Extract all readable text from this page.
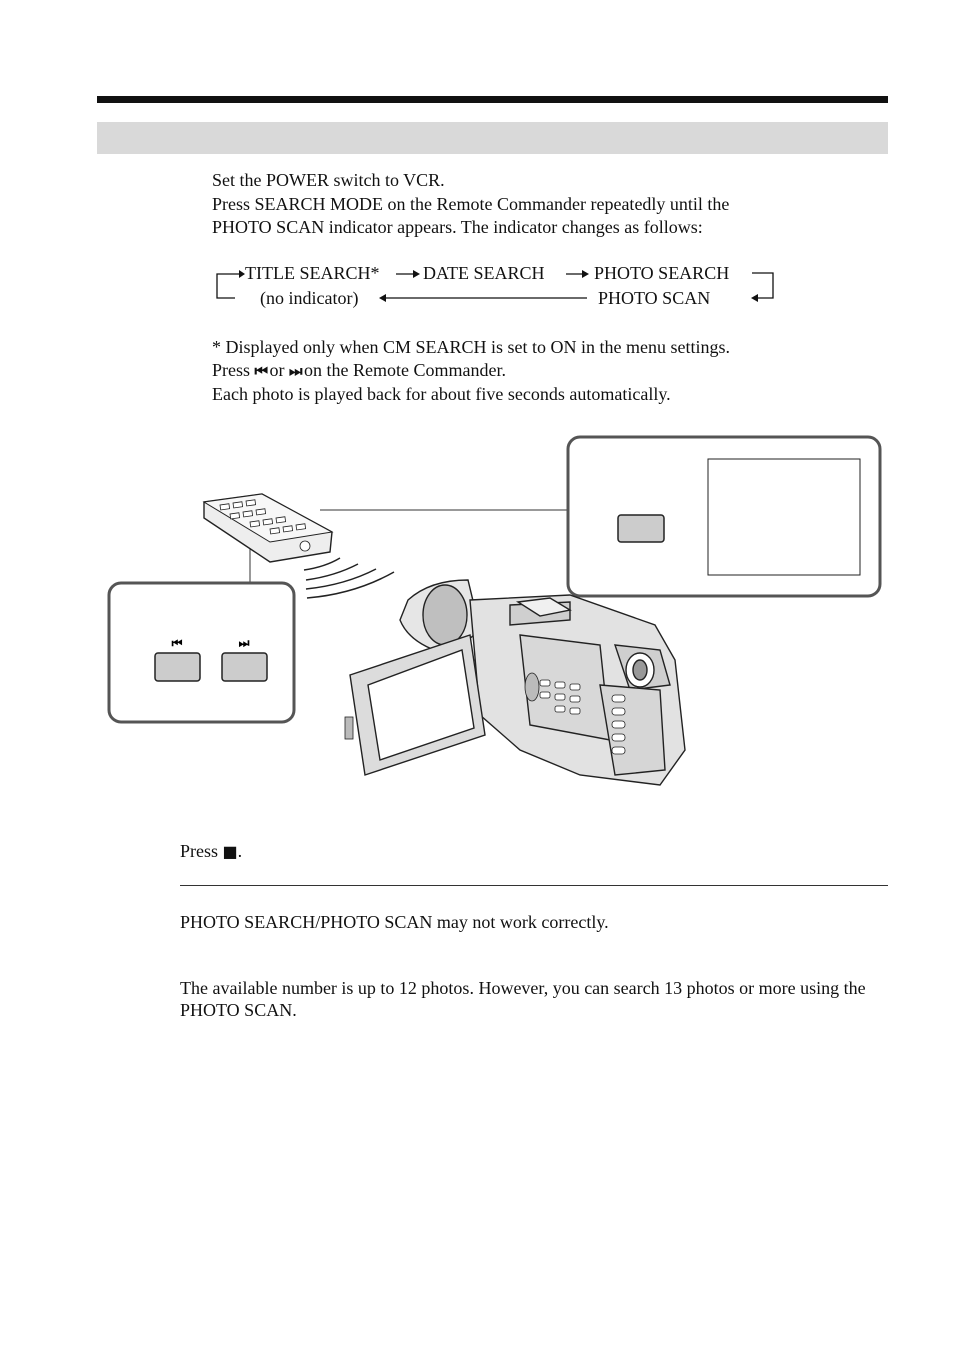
Set the POWER switch to VCR.
Press SEARCH MODE on the Remote Commander repeatedly until the
PHOTO SCAN indicator appears. The indicator changes as follows:
TITLE SEARCH* DATE SEARCH	PHOTO SEARCH
(no indicator)	PHOTO SCAN
* Displayed only when CM SEARCH is set to ON in the menu settings.
Press ⏮ or ⏭ on the Remote Commander.
Each photo is played back for about five seconds automatically.
⏮	⏭
Press ■.
PHOTO SEARCH/PHOTO SCAN may not work correctly.
The available number is up to 12 photos. However, you can search 13 photos or more using the PHOTO SCAN.
